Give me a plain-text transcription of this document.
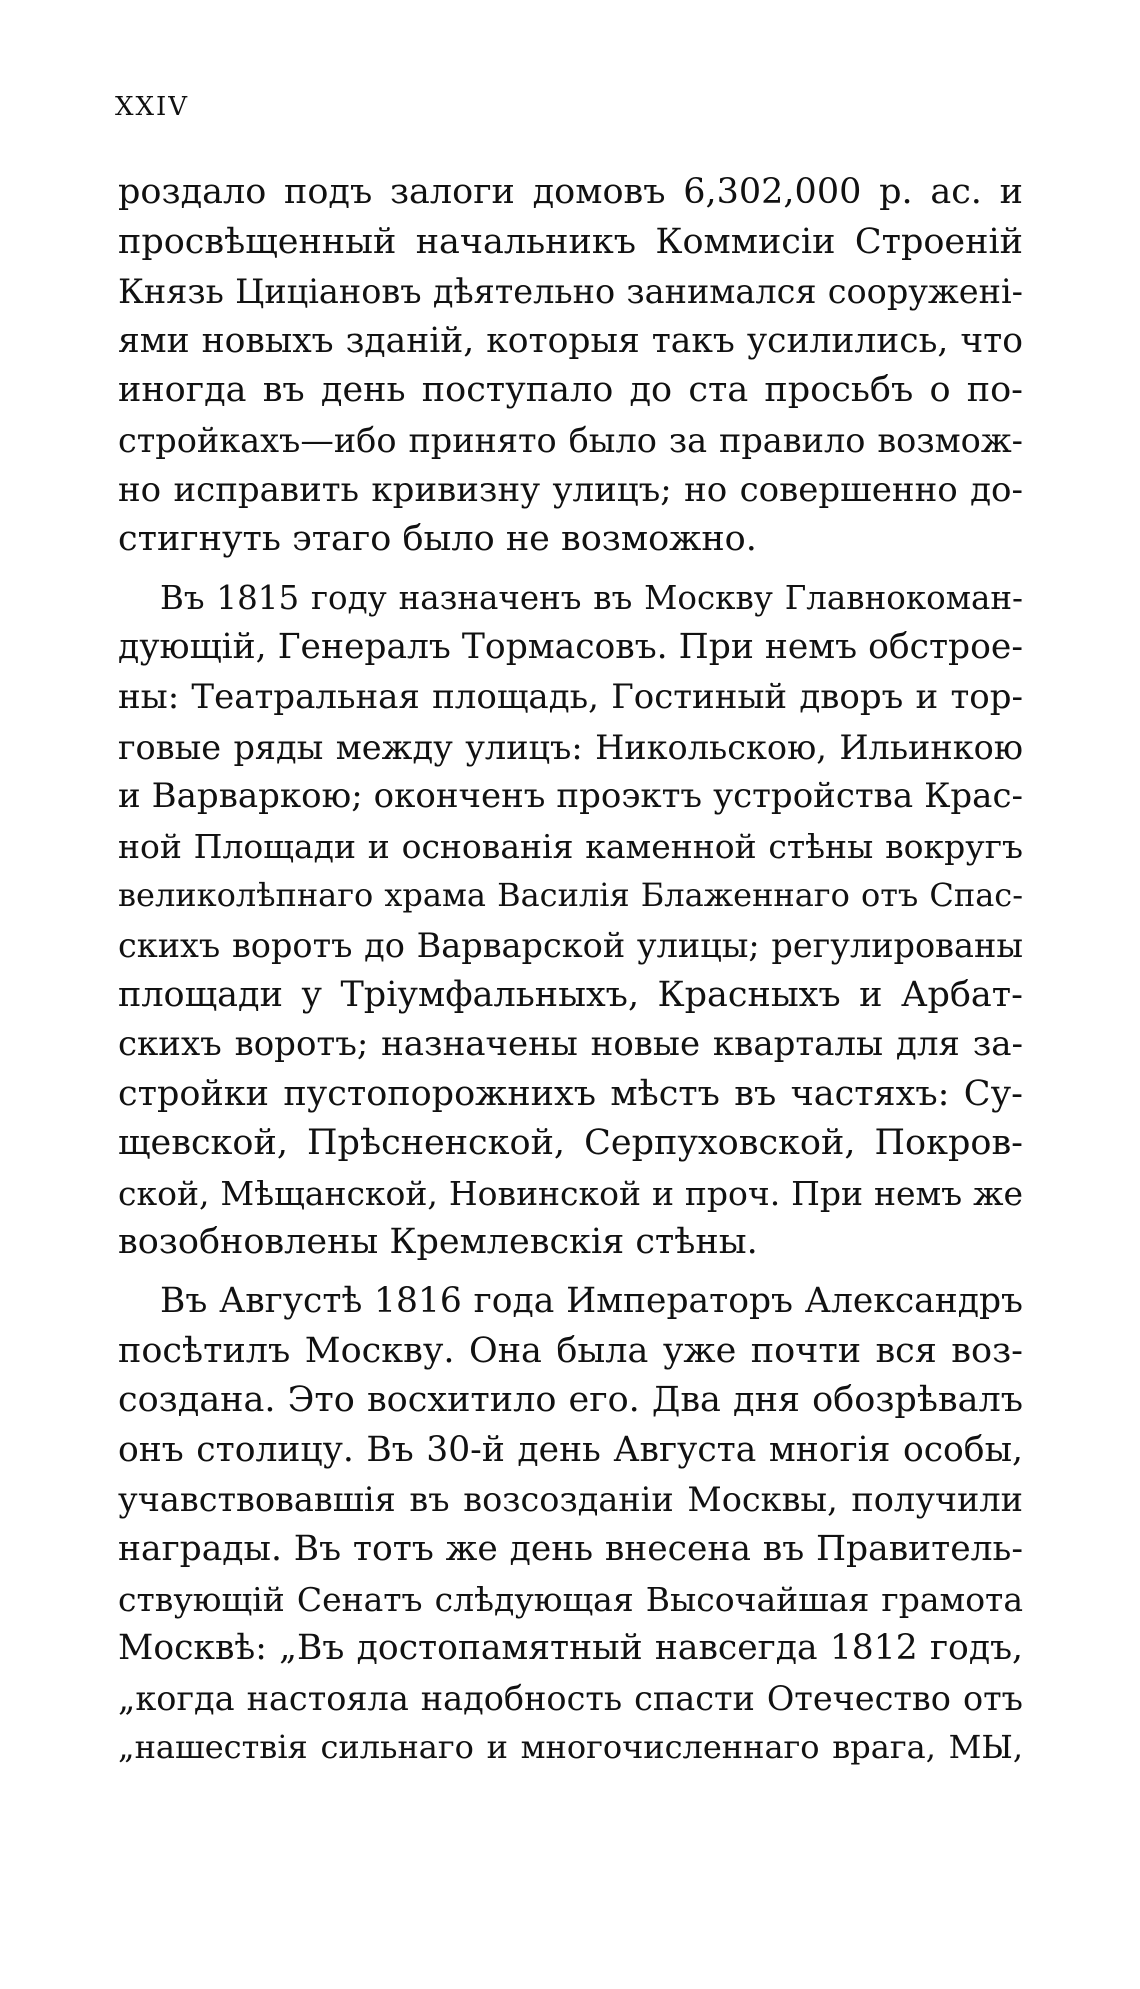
XXIV

роздало подъ залоги домовъ 6,302,000 р. ас. и
просвѣщенный начальникъ Коммисіи Строеній
Князь Циціановъ дѣятельно занимался сооруженi-
ями новыхъ зданій, которыя такъ усилились, что
иногда въ день поступало до ста просьбъ о по-
стройкахъ—ибо принято было за правило возмож-
но исправить кривизну улицъ; но совершенно до-
стигнуть этаго было не возможно.

Въ 1815 году назначенъ въ Москву Главнокоман-
дующій, Генералъ Тормасовъ. При немъ обстрое-
ны: Театральная площадь, Гостиный дворъ и тор-
говые ряды между улицъ: Никольскою, Ильинкою
и Варваркою; оконченъ проэктъ устройства Крас-
ной Площади и основанія каменной стѣны вокругъ
великолѣпнаго храма Василія Блаженнаго отъ Спас-
скихъ воротъ до Варварской улицы; регулированы
площади у Тріумфальныхъ, Красныхъ и Арбат-
скихъ воротъ; назначены новые кварталы для за-
стройки пустопорожнихъ мѣстъ въ частяхъ: Су-
щевской, Прѣсненской, Серпуховской, Покров-
ской, Мѣщанской, Новинской и проч. При немъ же
возобновлены Кремлевскія стѣны.

Въ Августѣ 1816 года Императоръ Александръ
посѣтилъ Москву. Она была уже почти вся воз-
создана. Это восхитило его. Два дня обозрѣвалъ
онъ столицу. Въ 30-й день Августа многія особы,
учавствовавшія въ возсозданіи Москвы, получили
награды. Въ тотъ же день внесена въ Правитель-
ствующій Сенатъ слѣдующая Высочайшая грамота
Москвѣ: „Въ достопамятный навсегда 1812 годъ,
„когда настояла надобность спасти Отечество отъ
„нашествія сильнаго и многочисленнаго врага, МЫ,
